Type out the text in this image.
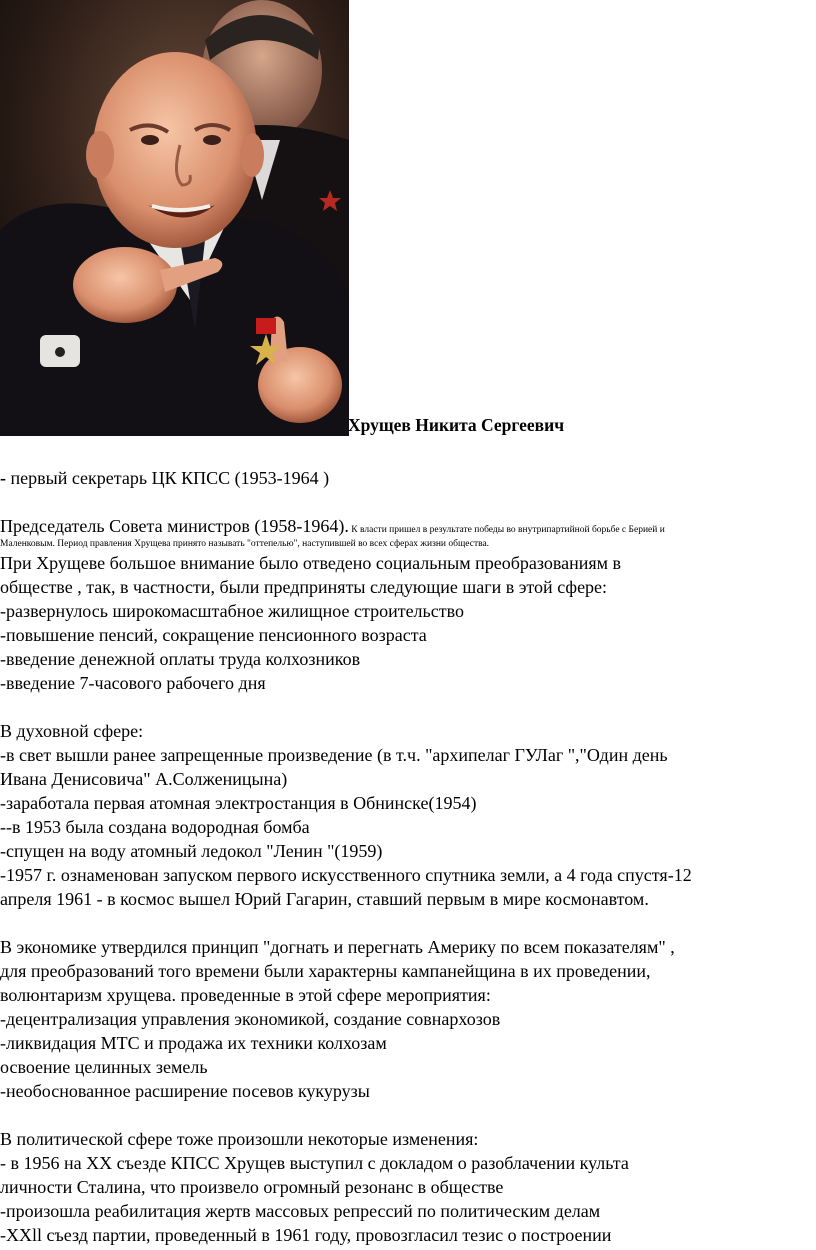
Хрущев Никита Сергеевич
- первый секретарь ЦК КПСС (1953-1964 )
Председатель Совета министров (1958-1964). К власти пришел в результате победы во внутрипартийной борьбе с Берией и
Маленковым. Период правления Хрущева принято называть "оттепелью", наступившей во всех сферах жизни общества.
При Хрущеве большое внимание было отведено социальным преобразованиям в
обществе , так, в частности, были предприняты следующие шаги в этой сфере:
-развернулось широкомасштабное жилищное строительство
-повышение пенсий, сокращение пенсионного возраста
-введение денежной оплаты труда колхозников
-введение 7-часового рабочего дня
В духовной сфере:
-в свет вышли ранее запрещенные произведение (в т.ч. "архипелаг ГУЛаг ","Один день
Ивана Денисовича" А.Солженицына)
-заработала первая атомная электростанция в Обнинске(1954)
--в 1953 была создана водородная бомба
-спущен на воду атомный ледокол "Ленин "(1959)
-1957 г. ознаменован запуском первого искусственного спутника земли, а 4 года спустя-12
апреля 1961 - в космос вышел Юрий Гагарин, ставший первым в мире космонавтом.
В экономике утвердился принцип "догнать и перегнать Америку по всем показателям" ,
для преобразований того времени были характерны кампанейщина в их проведении,
волюнтаризм хрущева. проведенные в этой сфере мероприятия:
-децентрализация управления экономикой, создание совнархозов
-ликвидация МТС и продажа их техники колхозам
освоение целинных земель
-необоснованное расширение посевов кукурузы
В политической сфере тоже произошли некоторые изменения:
- в 1956 на XX съезде КПСС Хрущев выступил с докладом о разоблачении культа
личности Сталина, что произвело огромный резонанс в обществе
-произошла реабилитация жертв массовых репрессий по политическим делам
-XXll съезд партии, проведенный в 1961 году, провозгласил тезис о построении
